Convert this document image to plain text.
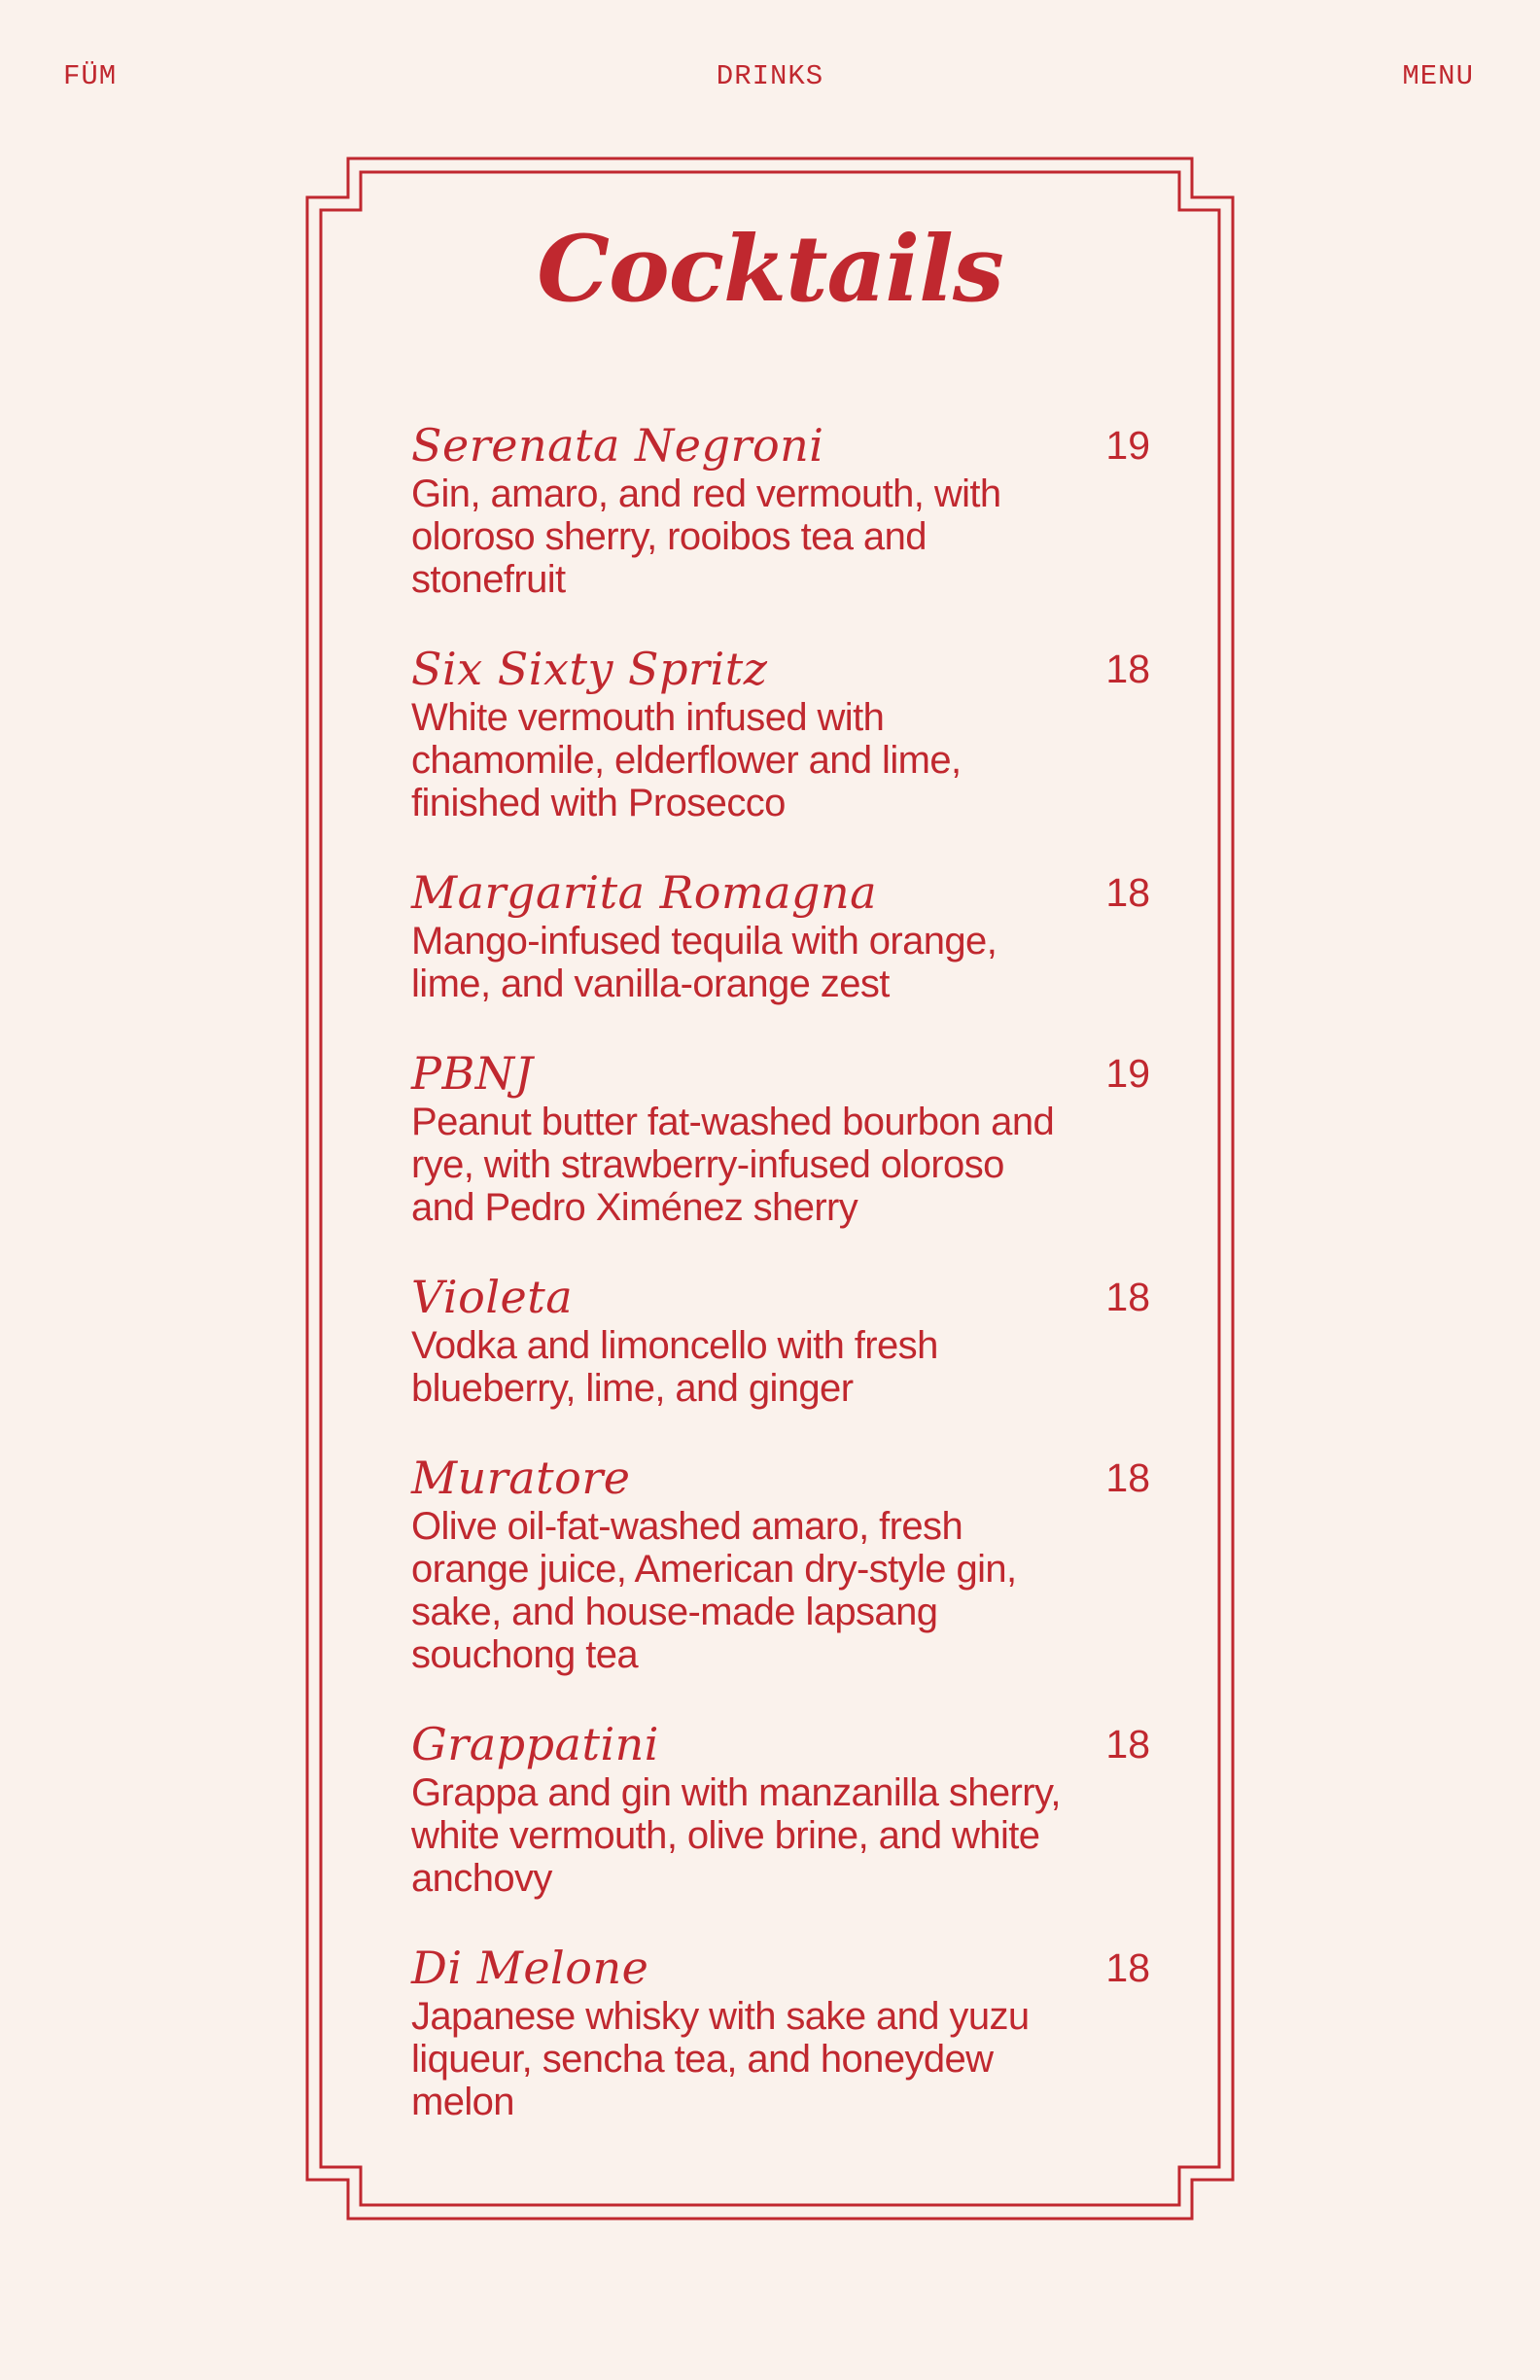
FÜM	DRINKS	MENU
Cocktails
Serenata Negroni	19
Gin, amaro, and red vermouth, with oloroso sherry, rooibos tea and stonefruit
Six Sixty Spritz	18
White vermouth infused with chamomile, elderflower and lime, finished with Prosecco
Margarita Romagna	18
Mango-infused tequila with orange, lime, and vanilla-orange zest
PBNJ	19
Peanut butter fat-washed bourbon and rye, with strawberry-infused oloroso and Pedro Ximénez sherry
Violeta	18
Vodka and limoncello with fresh blueberry, lime, and ginger
Muratore	18
Olive oil-fat-washed amaro, fresh orange juice, American dry-style gin, sake, and house-made lapsang souchong tea
Grappatini	18
Grappa and gin with manzanilla sherry, white vermouth, olive brine, and white anchovy
Di Melone	18
Japanese whisky with sake and yuzu liqueur, sencha tea, and honeydew melon
